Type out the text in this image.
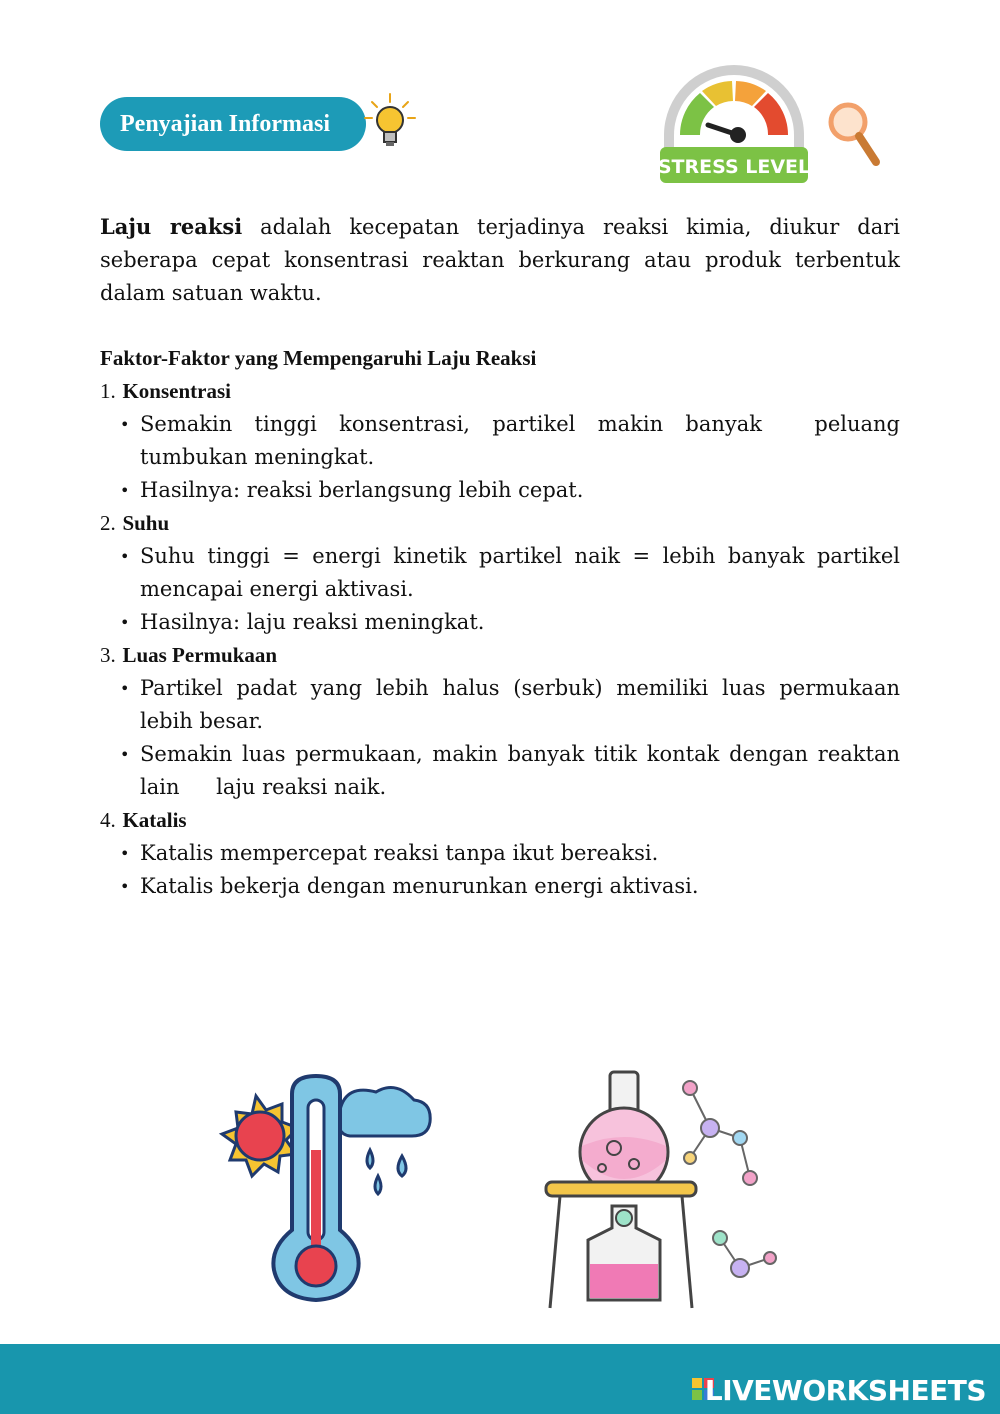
Penyajian Informasi
STRESS LEVEL

Laju reaksi adalah kecepatan terjadinya reaksi kimia, diukur dari seberapa cepat konsentrasi reaktan berkurang atau produk terbentuk dalam satuan waktu.

Faktor-Faktor yang Mempengaruhi Laju Reaksi

1. Konsentrasi

• Semakin tinggi konsentrasi, partikel makin banyak peluang tumbukan meningkat.
• Hasilnya: reaksi berlangsung lebih cepat.

2. Suhu

• Suhu tinggi = energi kinetik partikel naik = lebih banyak partikel mencapai energi aktivasi.
• Hasilnya: laju reaksi meningkat.

3. Luas Permukaan

• Partikel padat yang lebih halus (serbuk) memiliki luas permukaan lebih besar.
• Semakin luas permukaan, makin banyak titik kontak dengan reaktan lain laju reaksi naik.

4. Katalis

• Katalis mempercepat reaksi tanpa ikut bereaksi.
• Katalis bekerja dengan menurunkan energi aktivasi.
LIVEWORKSHEETS
